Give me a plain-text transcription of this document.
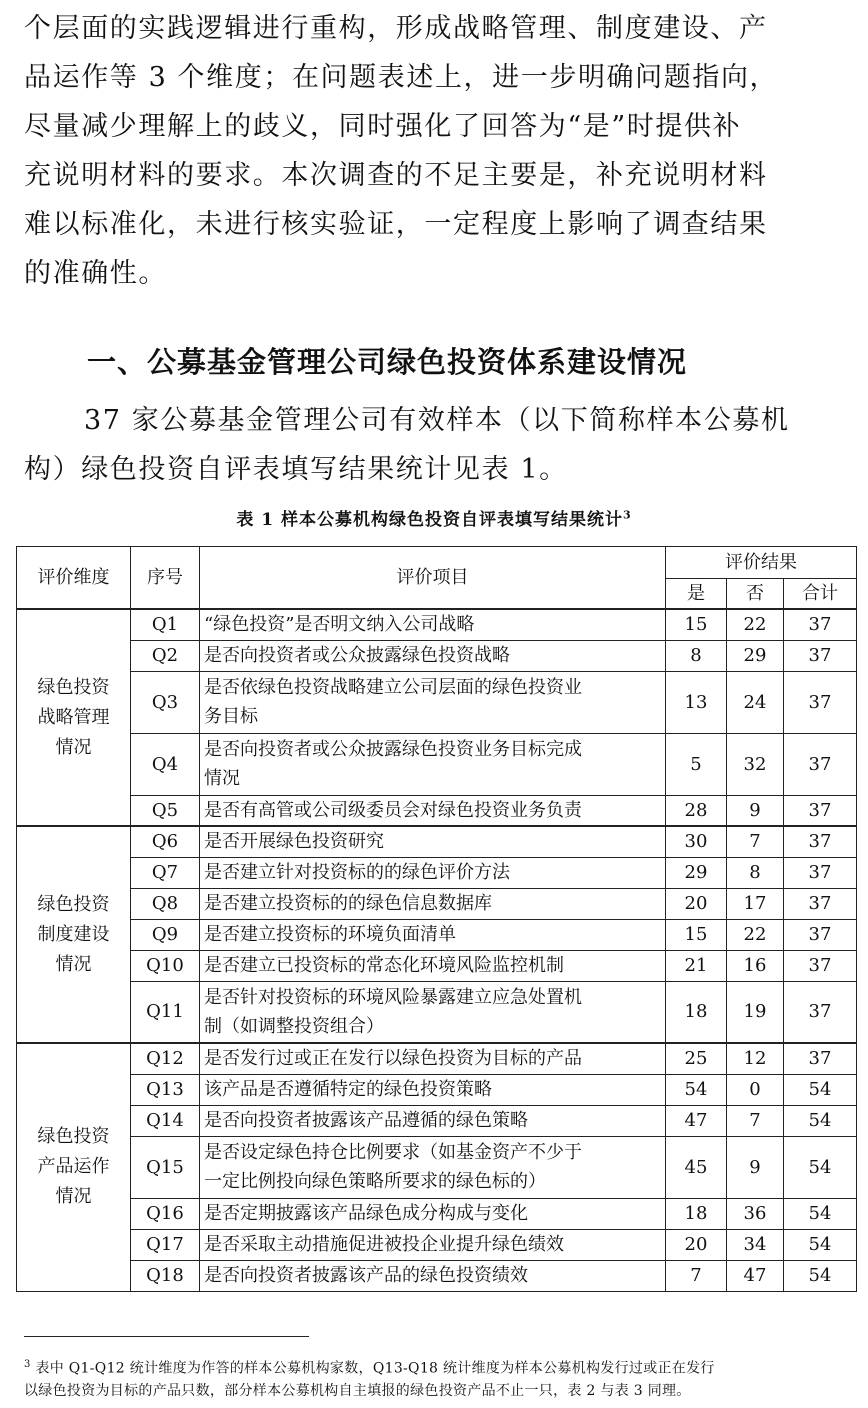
个层面的实践逻辑进行重构，形成战略管理、制度建设、产
品运作等 3 个维度；在问题表述上，进一步明确问题指向，
尽量减少理解上的歧义，同时强化了回答为“是”时提供补
充说明材料的要求。本次调查的不足主要是，补充说明材料
难以标准化，未进行核实验证，一定程度上影响了调查结果
的准确性。
一、公募基金管理公司绿色投资体系建设情况
37 家公募基金管理公司有效样本（以下简称样本公募机
构）绿色投资自评表填写结果统计见表 1。
表 1 样本公募机构绿色投资自评表填写结果统计$^3$
评价维度	序号	评价项目	评价结果		
			是	否	合计
绿色投资
战略管理
情况	Q1	“绿色投资”是否明文纳入公司战略	15	22	37
	Q2	是否向投资者或公众披露绿色投资战略	8	29	37
	Q3	是否依绿色投资战略建立公司层面的绿色投资业
务目标	13	24	37
	Q4	是否向投资者或公众披露绿色投资业务目标完成
情况	5	32	37
	Q5	是否有高管或公司级委员会对绿色投资业务负责	28	9	37
绿色投资
制度建设
情况	Q6	是否开展绿色投资研究	30	7	37
	Q7	是否建立针对投资标的的绿色评价方法	29	8	37
	Q8	是否建立投资标的的绿色信息数据库	20	17	37
	Q9	是否建立投资标的环境负面清单	15	22	37
	Q10	是否建立已投资标的常态化环境风险监控机制	21	16	37
	Q11	是否针对投资标的环境风险暴露建立应急处置机
制（如调整投资组合）	18	19	37
绿色投资
产品运作
情况	Q12	是否发行过或正在发行以绿色投资为目标的产品	25	12	37
	Q13	该产品是否遵循特定的绿色投资策略	54	0	54
	Q14	是否向投资者披露该产品遵循的绿色策略	47	7	54
	Q15	是否设定绿色持仓比例要求（如基金资产不少于
一定比例投向绿色策略所要求的绿色标的）	45	9	54
	Q16	是否定期披露该产品绿色成分构成与变化	18	36	54
	Q17	是否采取主动措施促进被投企业提升绿色绩效	20	34	54
	Q18	是否向投资者披露该产品的绿色投资绩效	7	47	54
$^3$ 表中 Q1-Q12 统计维度为作答的样本公募机构家数，Q13-Q18 统计维度为样本公募机构发行过或正在发行
以绿色投资为目标的产品只数，部分样本公募机构自主填报的绿色投资产品不止一只，表 2 与表 3 同理。
